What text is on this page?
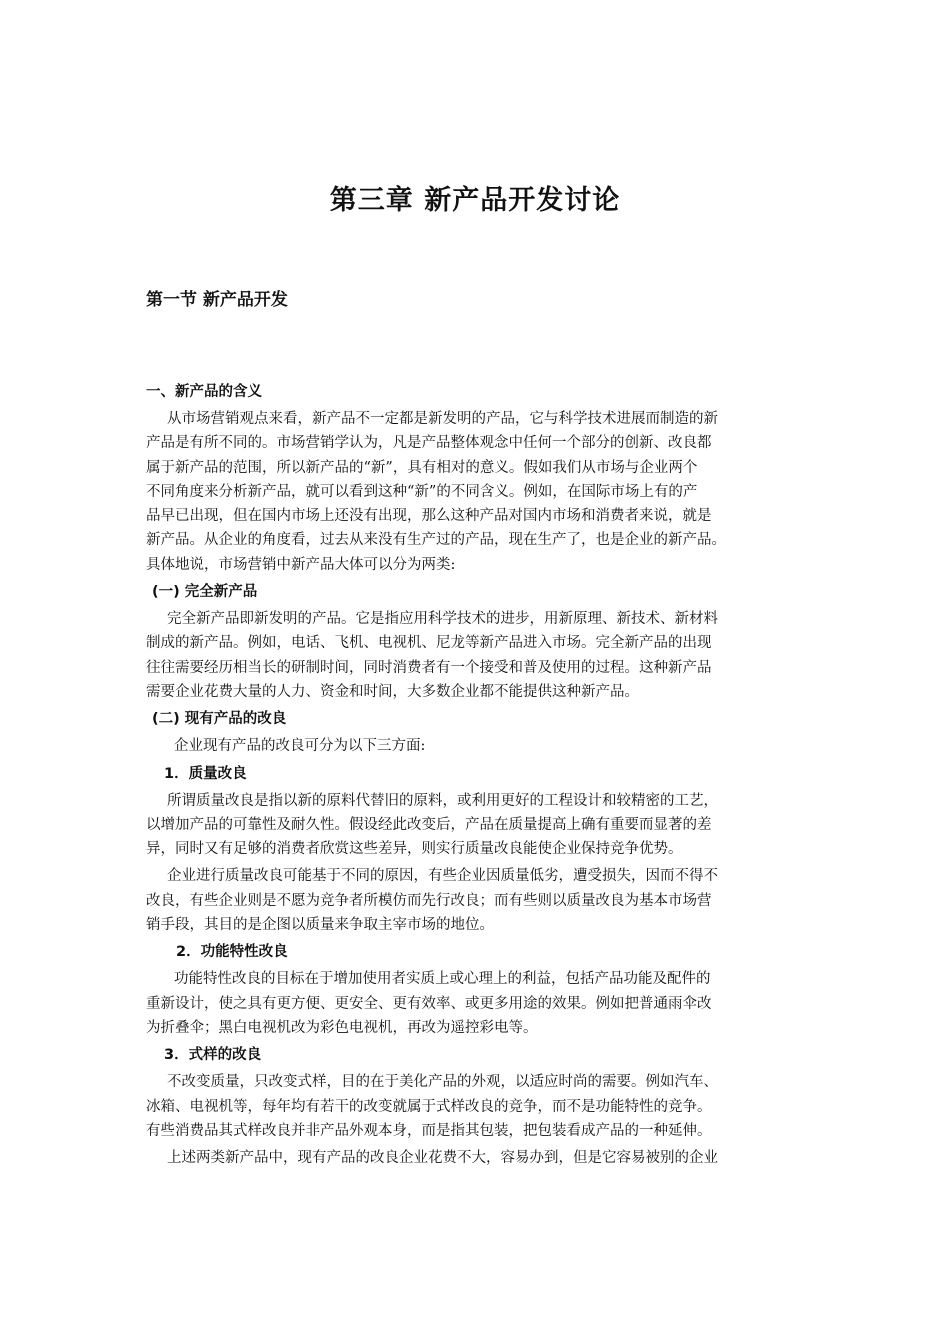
第三章 新产品开发讨论
第一节 新产品开发
一、新产品的含义
从市场营销观点来看，新产品不一定都是新发明的产品，它与科学技术进展而制造的新
产品是有所不同的。市场营销学认为，凡是产品整体观念中任何一个部分的创新、改良都
属于新产品的范围，所以新产品的“新”，具有相对的意义。假如我们从市场与企业两个
不同角度来分析新产品，就可以看到这种“新”的不同含义。例如，在国际市场上有的产
品早已出现，但在国内市场上还没有出现，那么这种产品对国内市场和消费者来说，就是
新产品。从企业的角度看，过去从来没有生产过的产品，现在生产了，也是企业的新产品。
具体地说，市场营销中新产品大体可以分为两类:
(一) 完全新产品
完全新产品即新发明的产品。它是指应用科学技术的进步，用新原理、新技术、新材料
制成的新产品。例如，电话、飞机、电视机、尼龙等新产品进入市场。完全新产品的出现
往往需要经历相当长的研制时间，同时消费者有一个接受和普及使用的过程。这种新产品
需要企业花费大量的人力、资金和时间，大多数企业都不能提供这种新产品。
(二) 现有产品的改良
企业现有产品的改良可分为以下三方面:
1．质量改良
所谓质量改良是指以新的原料代替旧的原料，或利用更好的工程设计和较精密的工艺，
以增加产品的可靠性及耐久性。假设经此改变后，产品在质量提高上确有重要而显著的差
异，同时又有足够的消费者欣赏这些差异，则实行质量改良能使企业保持竞争优势。
企业进行质量改良可能基于不同的原因，有些企业因质量低劣，遭受损失，因而不得不
改良，有些企业则是不愿为竞争者所模仿而先行改良；而有些则以质量改良为基本市场营
销手段，其目的是企图以质量来争取主宰市场的地位。
2．功能特性改良
功能特性改良的目标在于增加使用者实质上或心理上的利益，包括产品功能及配件的
重新设计，使之具有更方便、更安全、更有效率、或更多用途的效果。例如把普通雨伞改
为折叠伞；黑白电视机改为彩色电视机，再改为遥控彩电等。
3．式样的改良
不改变质量，只改变式样，目的在于美化产品的外观，以适应时尚的需要。例如汽车、
冰箱、电视机等，每年均有若干的改变就属于式样改良的竞争，而不是功能特性的竞争。
有些消费品其式样改良并非产品外观本身，而是指其包装，把包装看成产品的一种延伸。
上述两类新产品中，现有产品的改良企业花费不大，容易办到，但是它容易被别的企业
